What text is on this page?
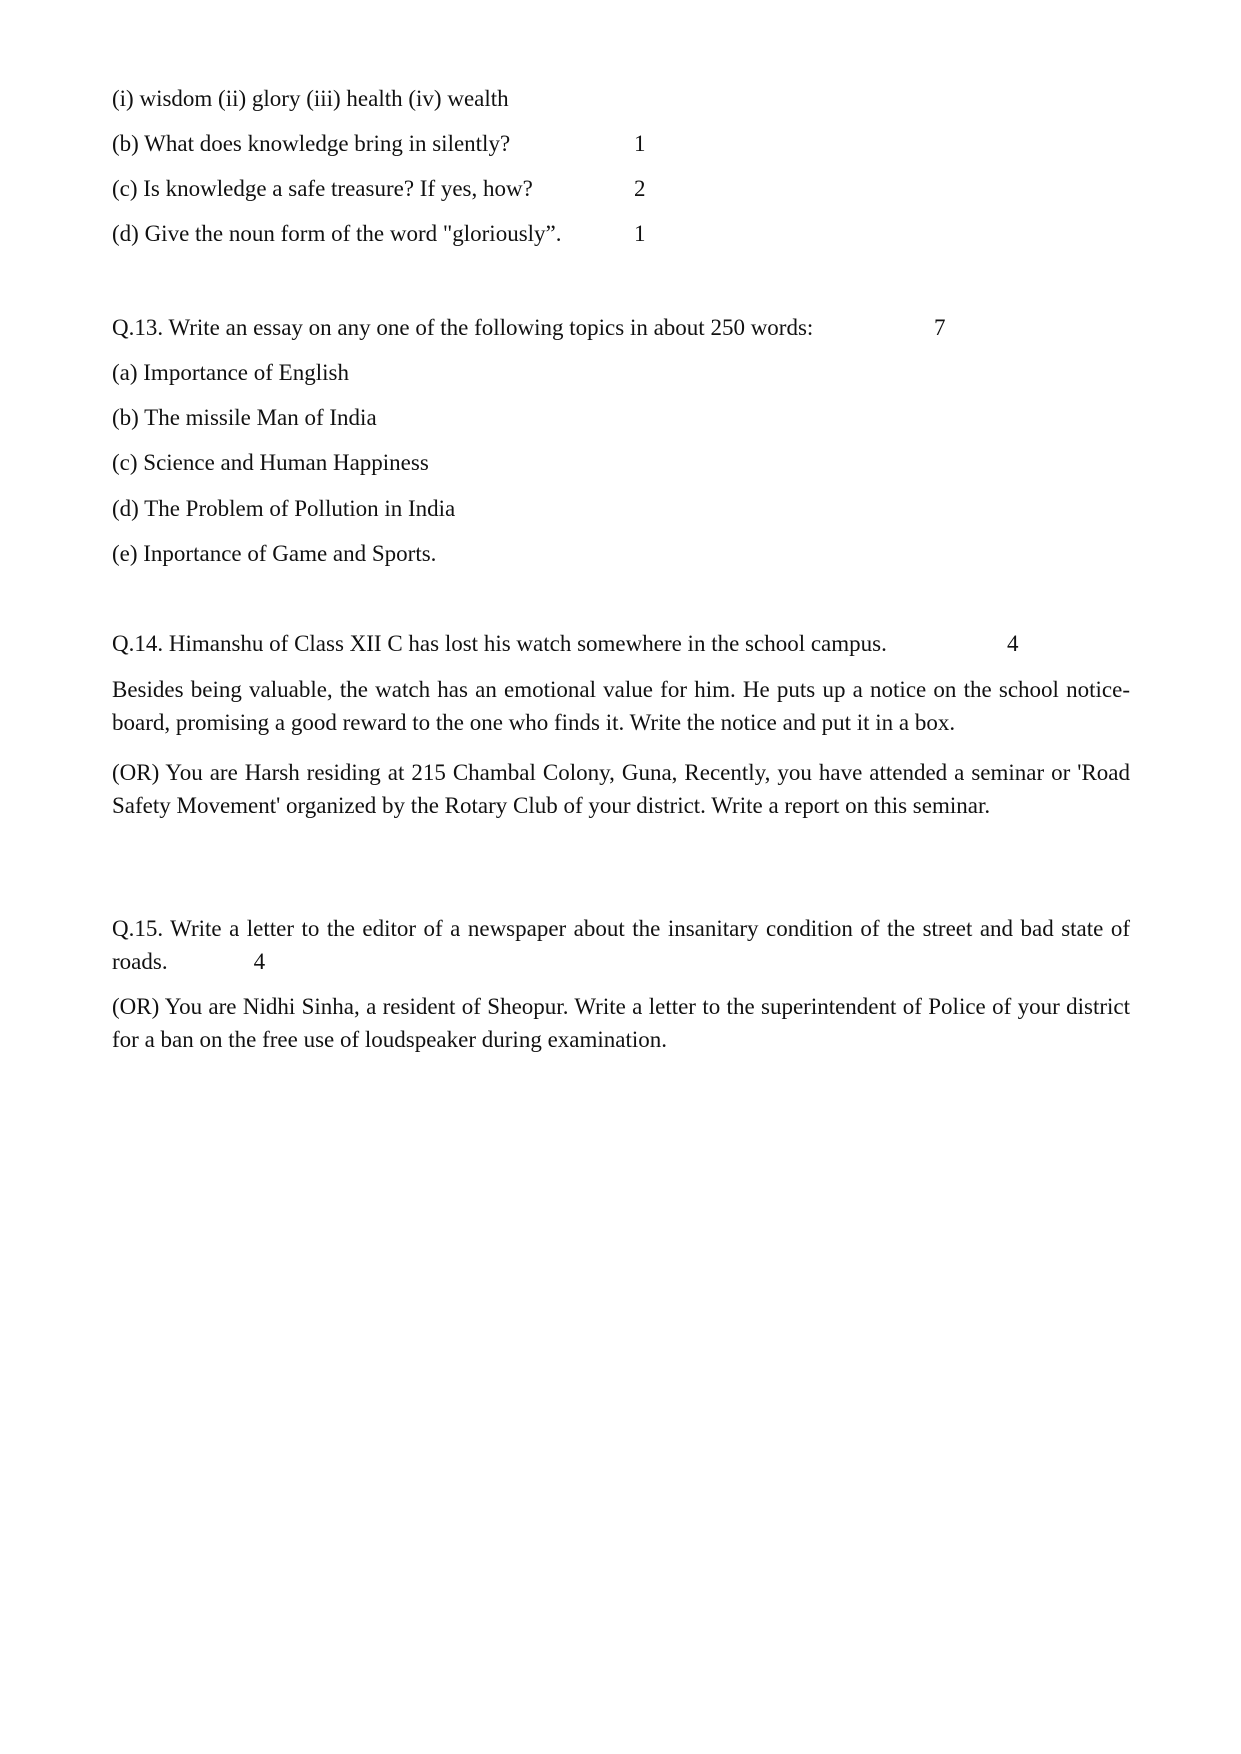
(i) wisdom (ii) glory (iii) health (iv) wealth
(b) What does knowledge bring in silently?	1
(c) Is knowledge a safe treasure? If yes, how?	2
(d) Give the noun form of the word "gloriously”.	1
Q.13. Write an essay on any one of the following topics in about 250 words:	7
(a) Importance of English
(b) The missile Man of India
(c) Science and Human Happiness
(d) The Problem of Pollution in India
(e) Inportance of Game and Sports.
Q.14. Himanshu of Class XII C has lost his watch somewhere in the school campus.	4
Besides being valuable, the watch has an emotional value for him. He puts up a notice on the school notice-board, promising a good reward to the one who finds it. Write the notice and put it in a box.
(OR) You are Harsh residing at 215 Chambal Colony, Guna, Recently, you have attended a seminar or 'Road Safety Movement' organized by the Rotary Club of your district. Write a report on this seminar.
Q.15. Write a letter to the editor of a newspaper about the insanitary condition of the street and bad state of roads.	4
(OR) You are Nidhi Sinha, a resident of Sheopur. Write a letter to the superintendent of Police of your district for a ban on the free use of loudspeaker during examination.
